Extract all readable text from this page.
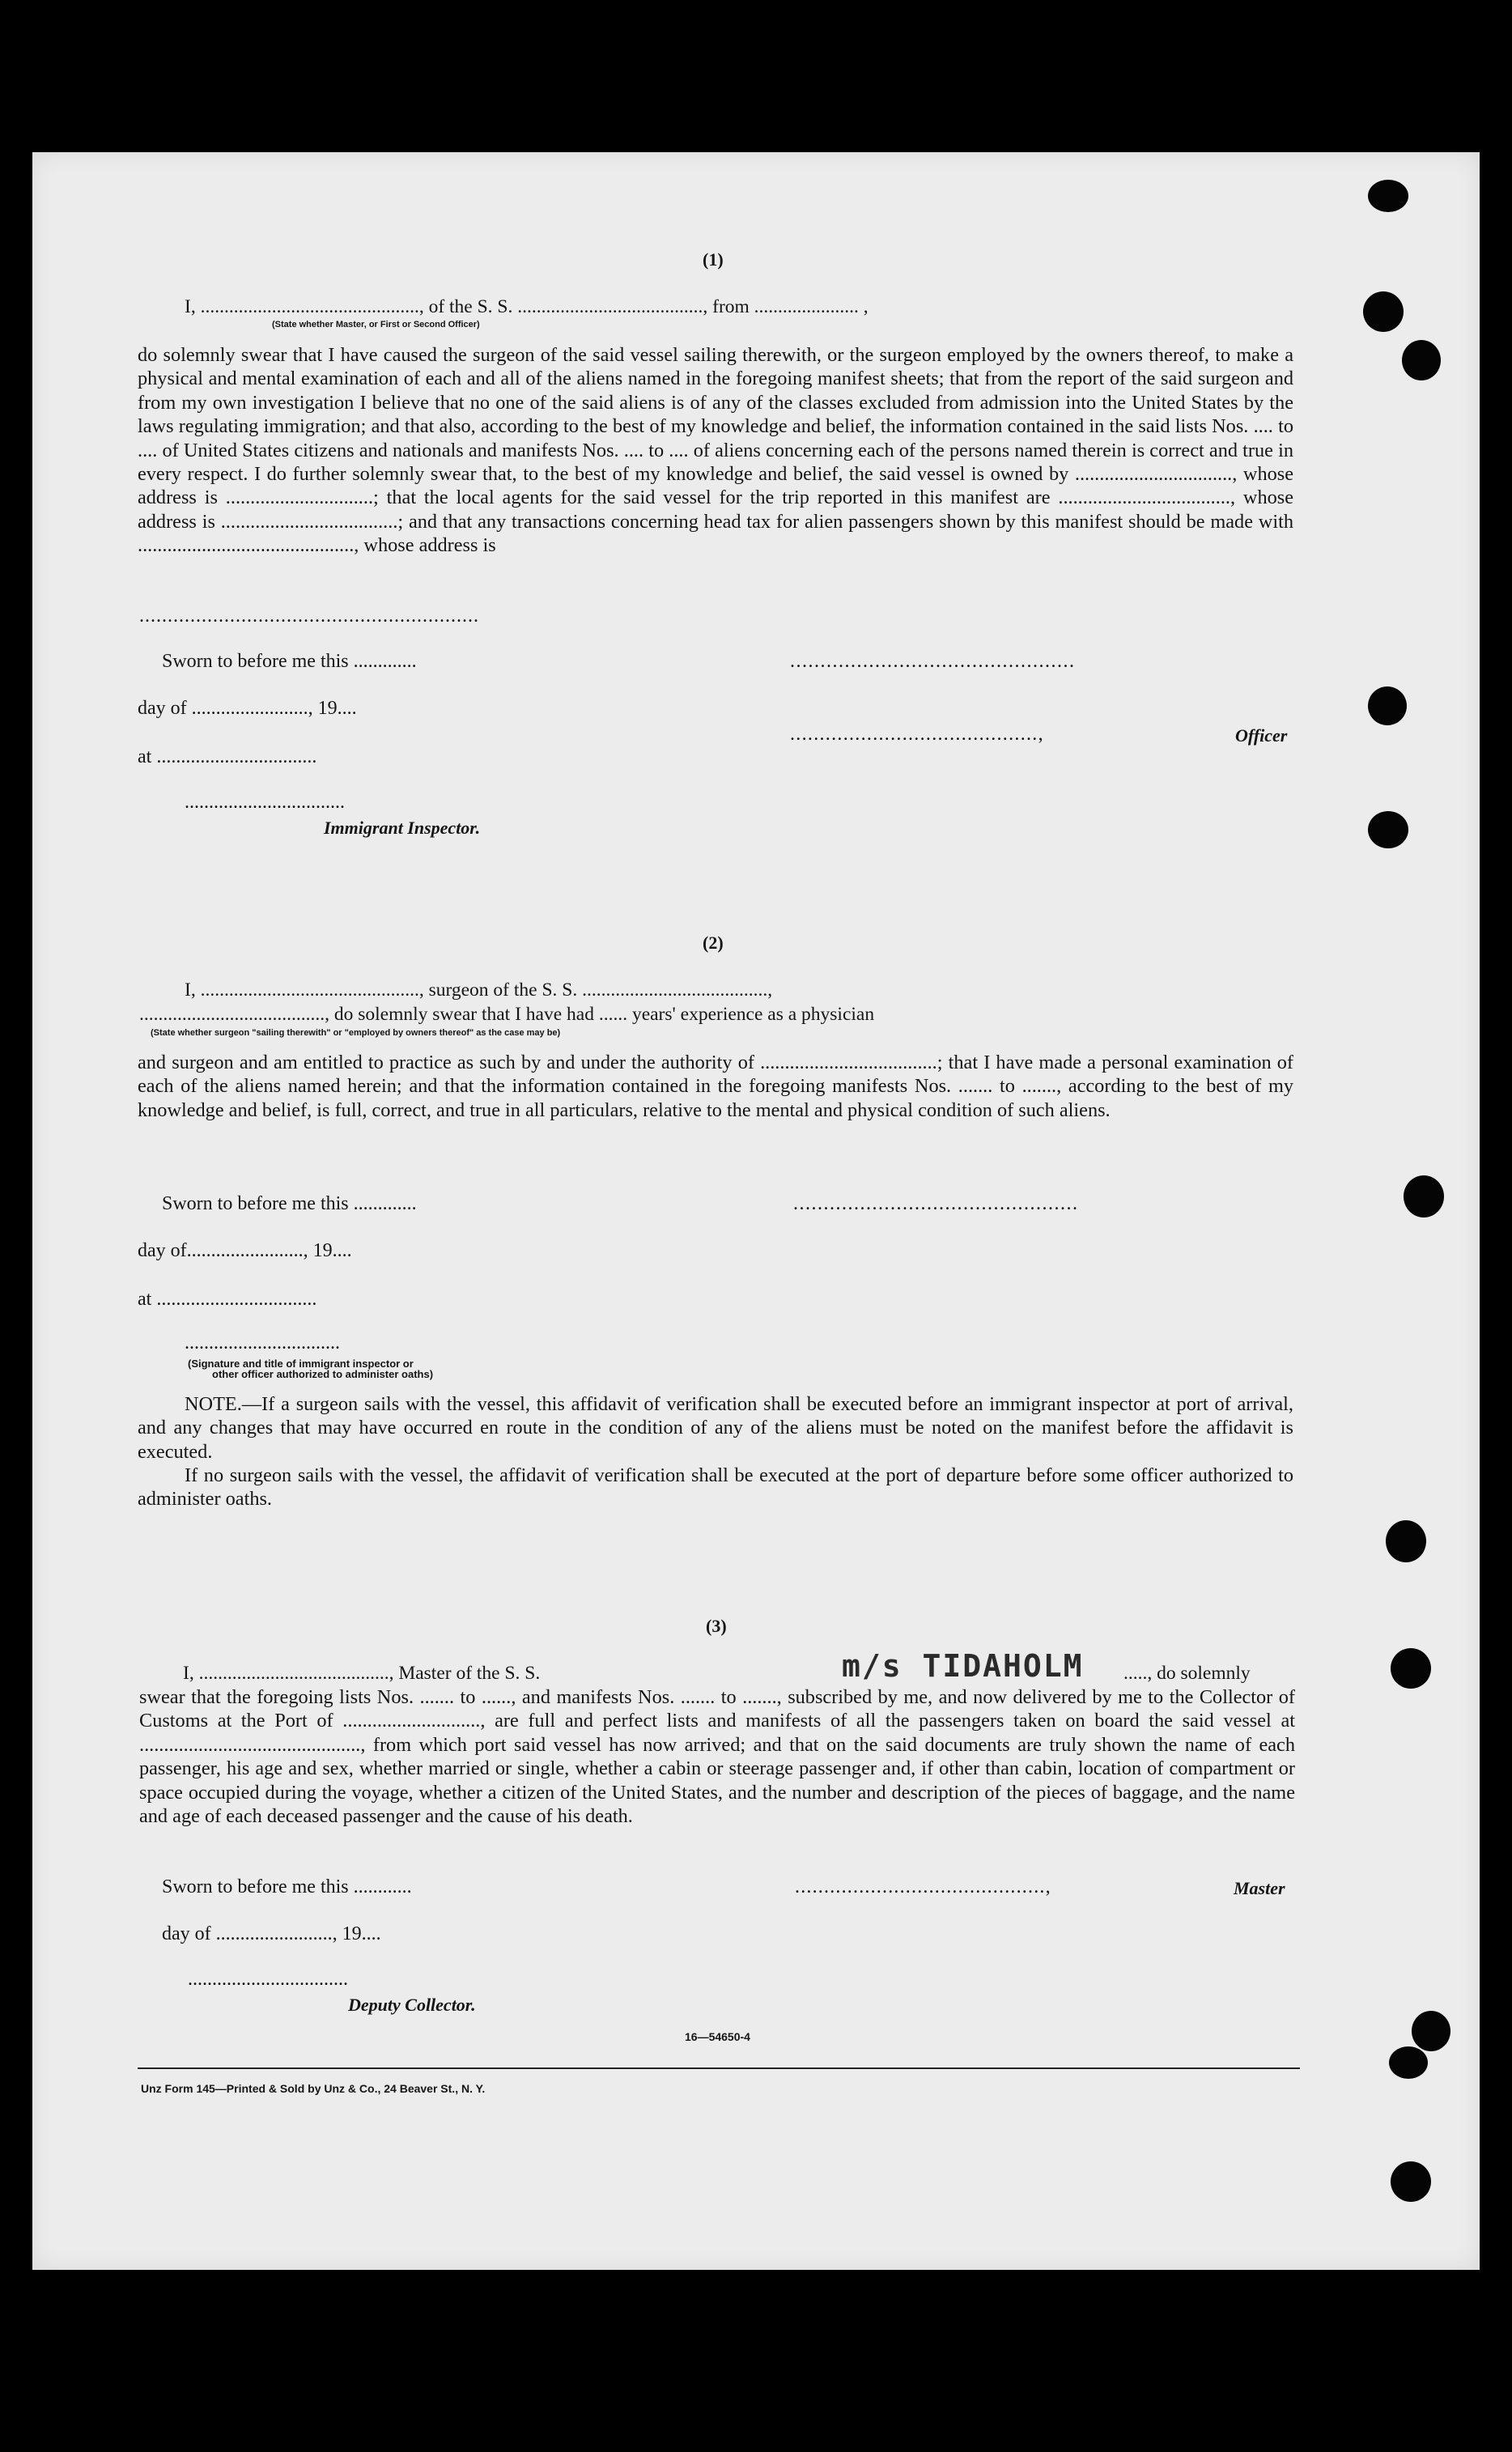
(1)
I, .............................................., of the S. S. ......................................., from ...................... ,
(State whether Master, or First or Second Officer)

do solemnly swear that I have caused the surgeon of the said vessel sailing therewith, or the surgeon employed by the owners thereof, to make a physical and mental examination of each and all of the aliens named in the foregoing manifest sheets; that from the report of the said surgeon and from my own investigation I believe that no one of the said aliens is of any of the classes excluded from admission into the United States by the laws regulating immigration; and that also, according to the best of my knowledge and belief, the information contained in the said lists Nos. .... to .... of United States citizens and nationals and manifests Nos. .... to .... of aliens concerning each of the persons named therein is correct and true in every respect. I do further solemnly swear that, to the best of my knowledge and belief, the said vessel is owned by ................................, whose address is ..............................; that the local agents for the said vessel for the trip reported in this manifest are ..................................., whose address is ....................................; and that any transactions concerning head tax for alien passengers shown by this manifest should be made with ............................................, whose address is

............................................................
Sworn to before me this .............	...............................................
day of ........................, 19....
..........................................,	Officer
at .................................
.................................
Immigrant Inspector.
(2)
I, .............................................., surgeon of the S. S. .......................................,
......................................., do solemnly swear that I have had ...... years' experience as a physician
(State whether surgeon "sailing therewith" or "employed by owners thereof" as the case may be)

and surgeon and am entitled to practice as such by and under the authority of ....................................; that I have made a personal examination of each of the aliens named herein; and that the information contained in the foregoing manifests Nos. ....... to ......., according to the best of my knowledge and belief, is full, correct, and true in all particulars, relative to the mental and physical condition of such aliens.

Sworn to before me this .............	...............................................
day of........................, 19....
at .................................
................................
(Signature and title of immigrant inspector or
other officer authorized to administer oaths)

NOTE.—If a surgeon sails with the vessel, this affidavit of verification shall be executed before an immigrant inspector at port of arrival, and any changes that may have occurred en route in the condition of any of the aliens must be noted on the manifest before the affidavit is executed.

If no surgeon sails with the vessel, the affidavit of verification shall be executed at the port of departure before some officer authorized to administer oaths.

(3)
I, ........................................, Master of the S. S.	m/s TIDAHOLM ....., do solemnly

swear that the foregoing lists Nos. ....... to ......, and manifests Nos. ....... to ......., subscribed by me, and now delivered by me to the Collector of Customs at the Port of ............................, are full and perfect lists and manifests of all the passengers taken on board the said vessel at ............................................., from which port said vessel has now arrived; and that on the said documents are truly shown the name of each passenger, his age and sex, whether married or single, whether a cabin or steerage passenger and, if other than cabin, location of compartment or space occupied during the voyage, whether a citizen of the United States, and the number and description of the pieces of baggage, and the name and age of each deceased passenger and the cause of his death.

Sworn to before me this ............	...........................................,	Master
day of ........................, 19....
.................................
Deputy Collector.
16—54650-4
Unz Form 145—Printed & Sold by Unz & Co., 24 Beaver St., N. Y.
